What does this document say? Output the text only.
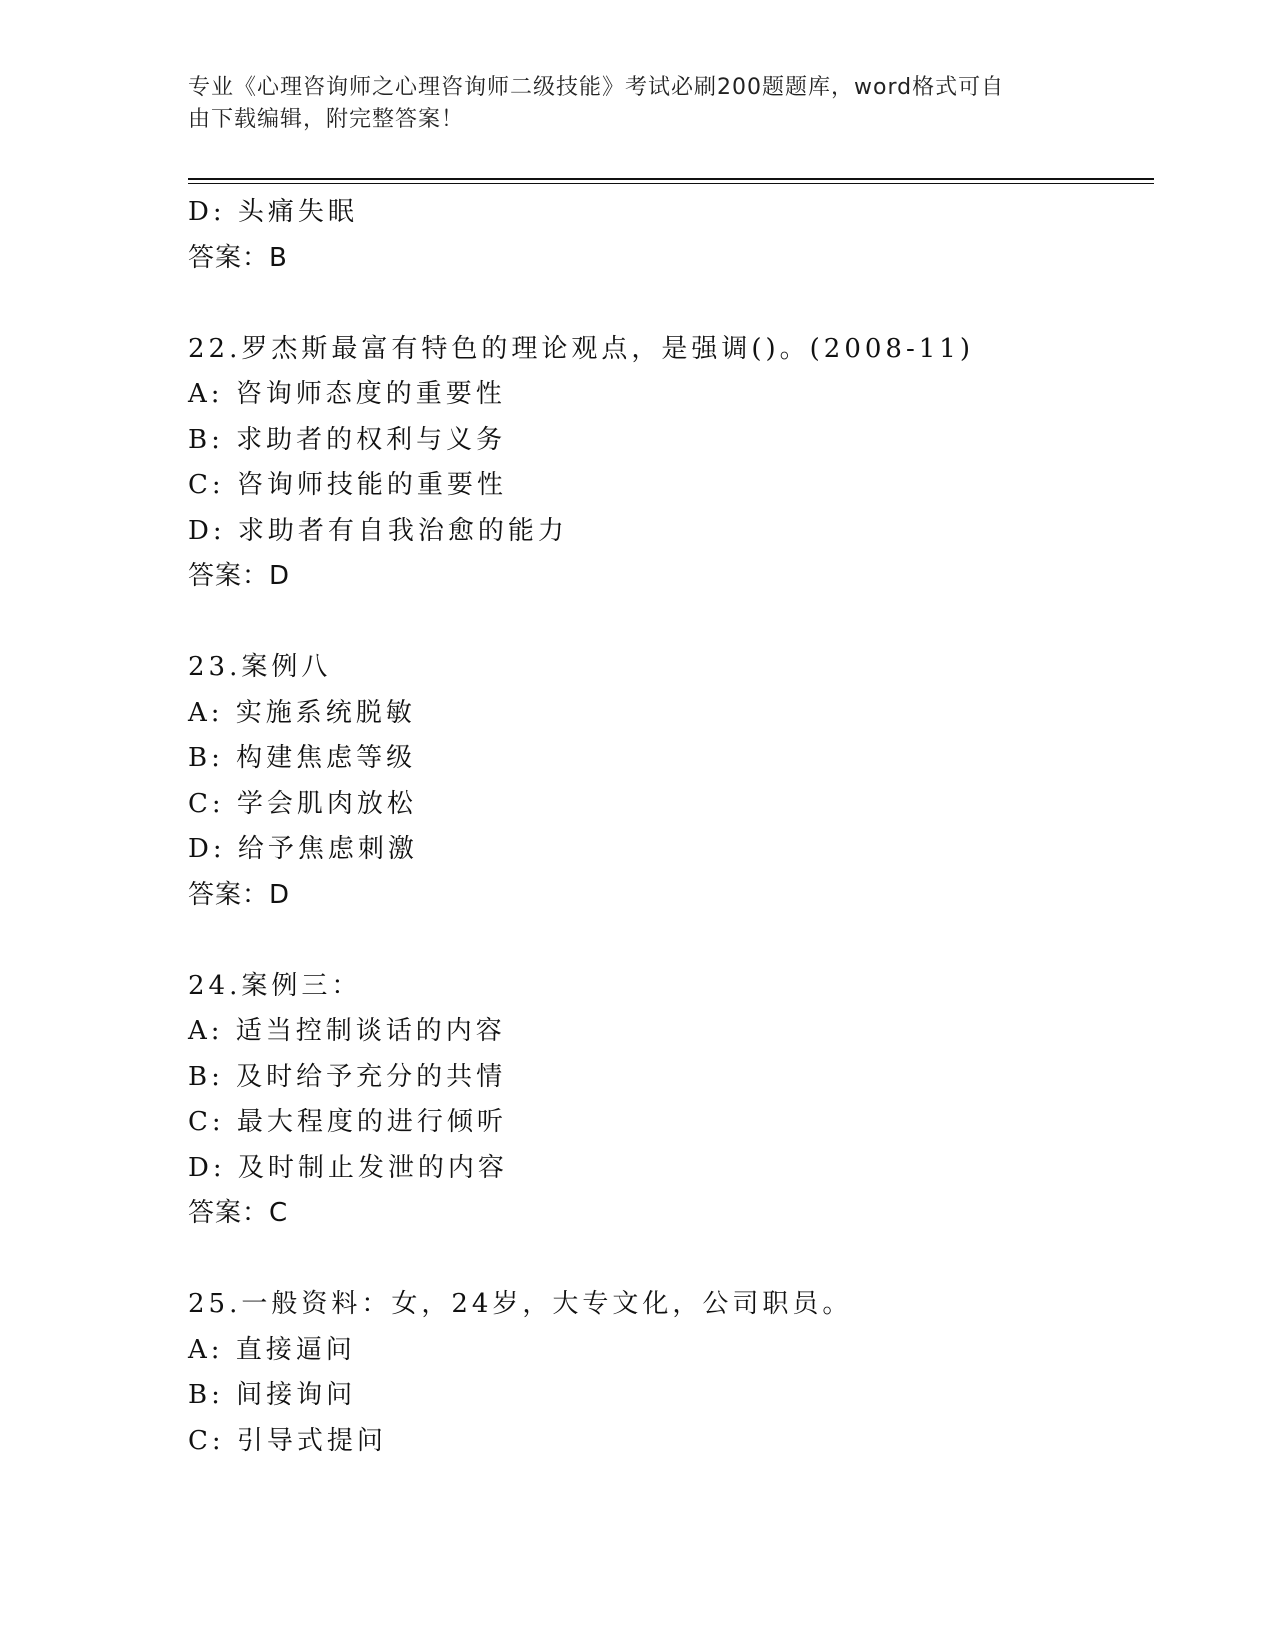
专业《心理咨询师之心理咨询师二级技能》考试必刷200题题库，word格式可自
由下载编辑，附完整答案！
D: 头痛失眠
答案：B
22.罗杰斯最富有特色的理论观点，是强调()。(2008-11)
A: 咨询师态度的重要性
B: 求助者的权利与义务
C: 咨询师技能的重要性
D: 求助者有自我治愈的能力
答案：D
23.案例八
A: 实施系统脱敏
B: 构建焦虑等级
C: 学会肌肉放松
D: 给予焦虑刺激
答案：D
24.案例三：
A: 适当控制谈话的内容
B: 及时给予充分的共情
C: 最大程度的进行倾听
D: 及时制止发泄的内容
答案：C
25.一般资料：女，24岁，大专文化，公司职员。
A: 直接逼问
B: 间接询问
C: 引导式提问
